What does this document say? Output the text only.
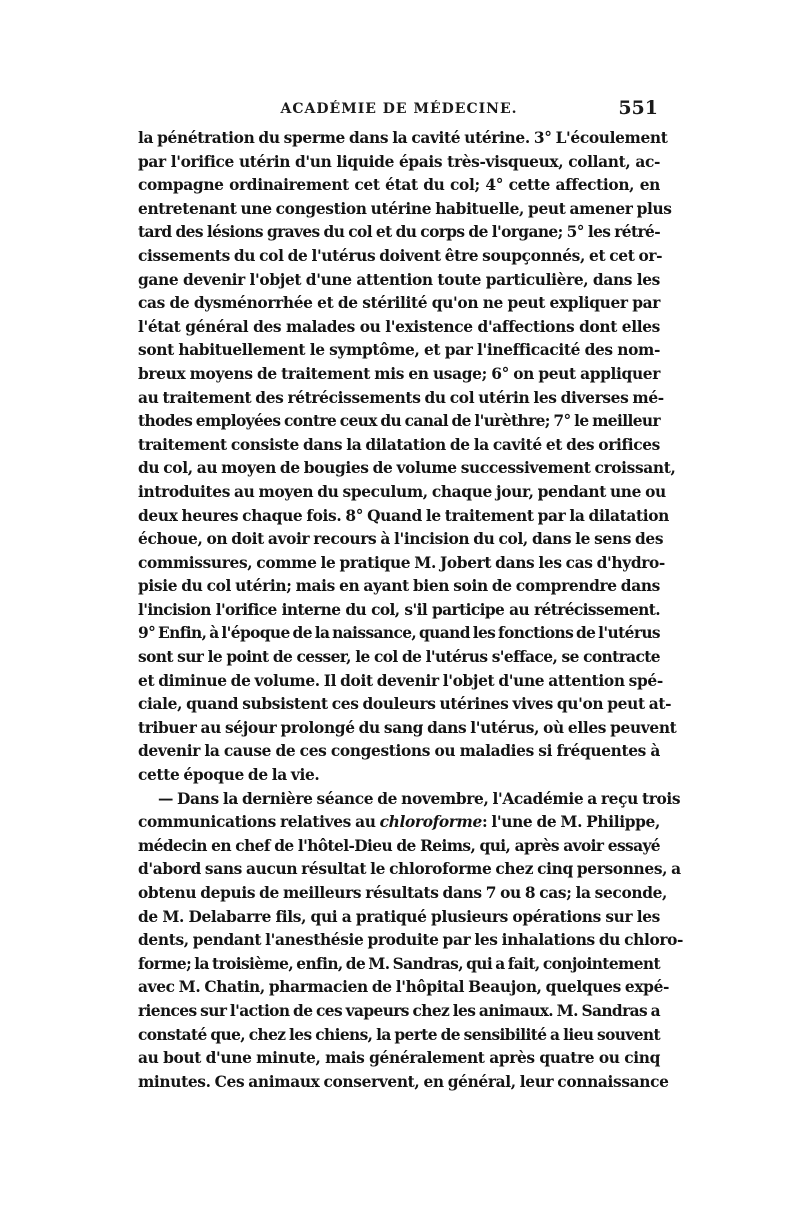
ACADÉMIE DE MÉDECINE.	551
la pénétration du sperme dans la cavité utérine. 3° L'écoulement
par l'orifice utérin d'un liquide épais très-visqueux, collant, ac-
compagne ordinairement cet état du col; 4° cette affection, en
entretenant une congestion utérine habituelle, peut amener plus
tard des lésions graves du col et du corps de l'organe; 5° les rétré-
cissements du col de l'utérus doivent être soupçonnés, et cet or-
gane devenir l'objet d'une attention toute particulière, dans les
cas de dysménorrhée et de stérilité qu'on ne peut expliquer par
l'état général des malades ou l'existence d'affections dont elles
sont habituellement le symptôme, et par l'inefficacité des nom-
breux moyens de traitement mis en usage; 6° on peut appliquer
au traitement des rétrécissements du col utérin les diverses mé-
thodes employées contre ceux du canal de l'urèthre; 7° le meilleur
traitement consiste dans la dilatation de la cavité et des orifices
du col, au moyen de bougies de volume successivement croissant,
introduites au moyen du speculum, chaque jour, pendant une ou
deux heures chaque fois. 8° Quand le traitement par la dilatation
échoue, on doit avoir recours à l'incision du col, dans le sens des
commissures, comme le pratique M. Jobert dans les cas d'hydro-
pisie du col utérin; mais en ayant bien soin de comprendre dans
l'incision l'orifice interne du col, s'il participe au rétrécissement.
9° Enfin, à l'époque de la naissance, quand les fonctions de l'utérus
sont sur le point de cesser, le col de l'utérus s'efface, se contracte
et diminue de volume. Il doit devenir l'objet d'une attention spé-
ciale, quand subsistent ces douleurs utérines vives qu'on peut at-
tribuer au séjour prolongé du sang dans l'utérus, où elles peuvent
devenir la cause de ces congestions ou maladies si fréquentes à
cette époque de la vie.
— Dans la dernière séance de novembre, l'Académie a reçu trois
communications relatives au chloroforme: l'une de M. Philippe,
médecin en chef de l'hôtel-Dieu de Reims, qui, après avoir essayé
d'abord sans aucun résultat le chloroforme chez cinq personnes, a
obtenu depuis de meilleurs résultats dans 7 ou 8 cas; la seconde,
de M. Delabarre fils, qui a pratiqué plusieurs opérations sur les
dents, pendant l'anesthésie produite par les inhalations du chloro-
forme; la troisième, enfin, de M. Sandras, qui a fait, conjointement
avec M. Chatin, pharmacien de l'hôpital Beaujon, quelques expé-
riences sur l'action de ces vapeurs chez les animaux. M. Sandras a
constaté que, chez les chiens, la perte de sensibilité a lieu souvent
au bout d'une minute, mais généralement après quatre ou cinq
minutes. Ces animaux conservent, en général, leur connaissance
